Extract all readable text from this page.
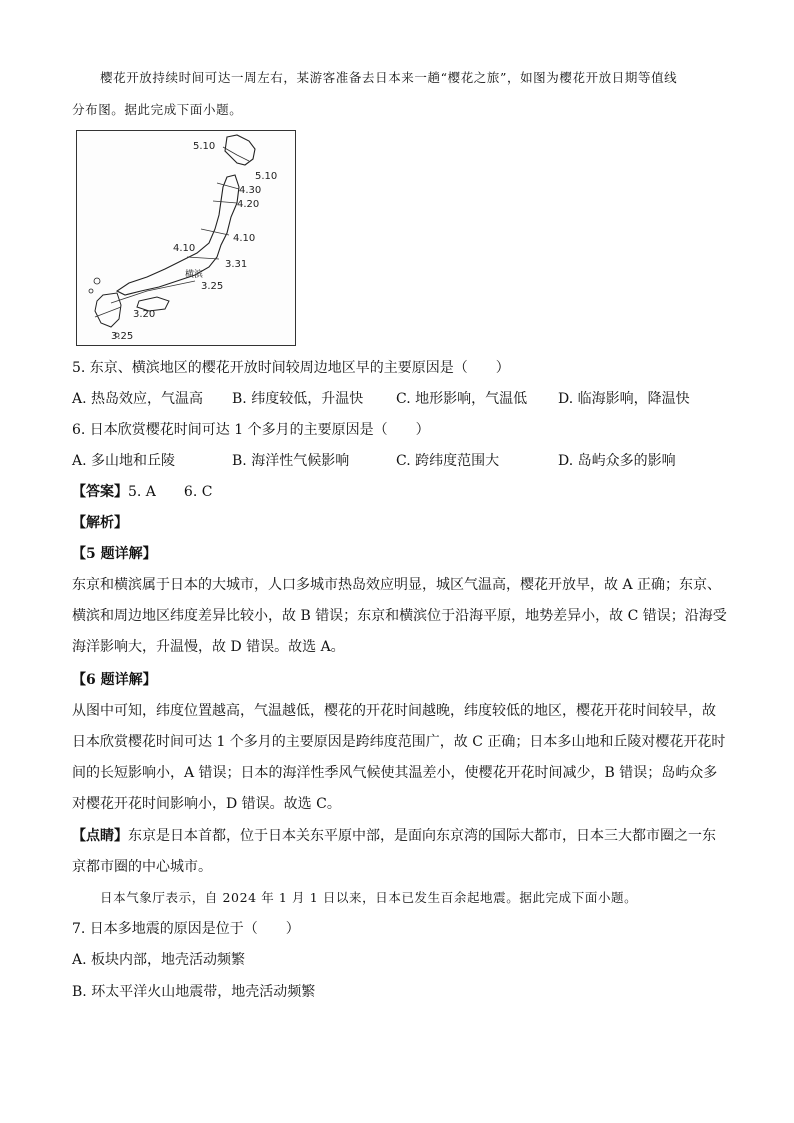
樱花开放持续时间可达一周左右，某游客准备去日本来一趟“樱花之旅”，如图为樱花开放日期等值线
分布图。据此完成下面小题。
5.10
5.10
4.30
4.20
4.10
4.10
3.31
3.25
3.20
3.25
横滨
5. 东京、横滨地区的樱花开放时间较周边地区早的主要原因是（　　）
A. 热岛效应，气温高	B. 纬度较低，升温快	C. 地形影响，气温低	D. 临海影响，降温快
6. 日本欣赏樱花时间可达 1 个多月的主要原因是（　　）
A. 多山地和丘陵	B. 海洋性气候影响	C. 跨纬度范围大	D. 岛屿众多的影响
【答案】5. A　　6. C
【解析】
【5 题详解】
东京和横滨属于日本的大城市，人口多城市热岛效应明显，城区气温高，樱花开放早，故 A 正确；东京、
横滨和周边地区纬度差异比较小，故 B 错误；东京和横滨位于沿海平原，地势差异小，故 C 错误；沿海受
海洋影响大，升温慢，故 D 错误。故选 A。
【6 题详解】
从图中可知，纬度位置越高，气温越低，樱花的开花时间越晚，纬度较低的地区，樱花开花时间较早，故
日本欣赏樱花时间可达 1 个多月的主要原因是跨纬度范围广，故 C 正确；日本多山地和丘陵对樱花开花时
间的长短影响小，A 错误；日本的海洋性季风气候使其温差小，使樱花开花时间减少，B 错误；岛屿众多
对樱花开花时间影响小，D 错误。故选 C。
【点睛】东京是日本首都，位于日本关东平原中部，是面向东京湾的国际大都市，日本三大都市圈之一东
京都市圈的中心城市。
日本气象厅表示，自 2024 年 1 月 1 日以来，日本已发生百余起地震。据此完成下面小题。
7. 日本多地震的原因是位于（　　）
A. 板块内部，地壳活动频繁
B. 环太平洋火山地震带，地壳活动频繁
